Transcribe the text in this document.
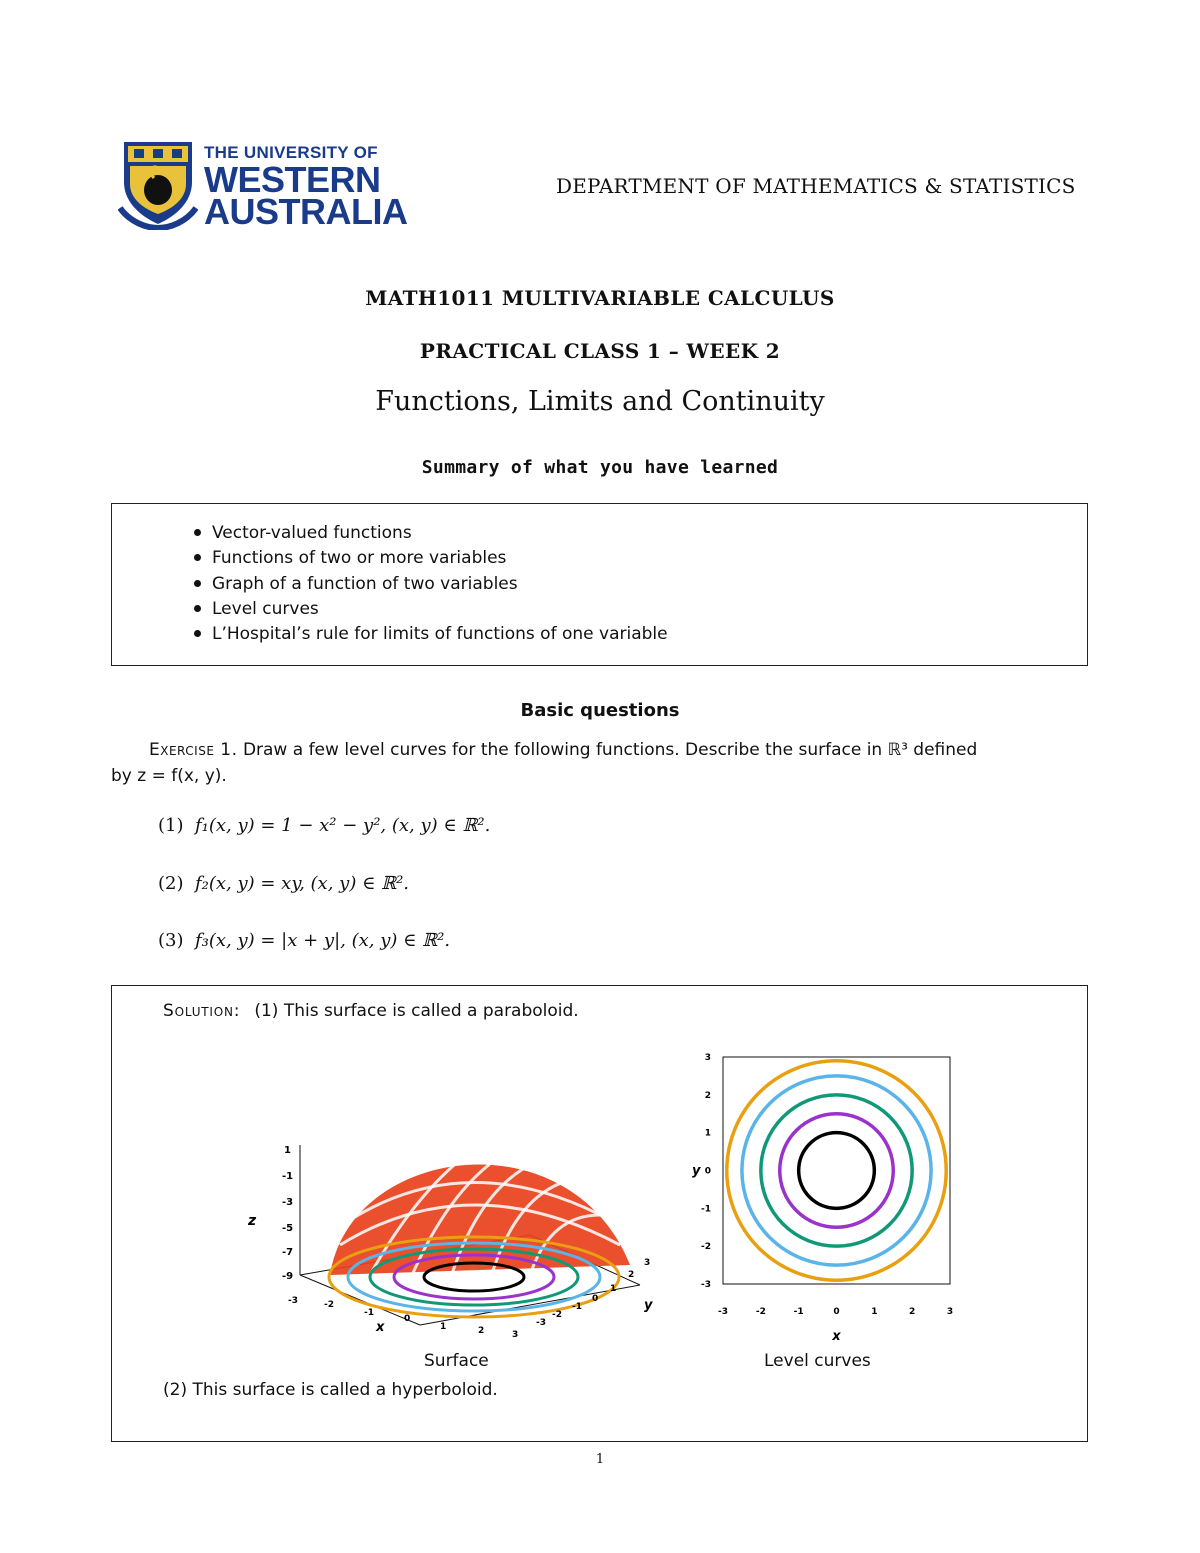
THE UNIVERSITY OF
WESTERN
AUSTRALIA
DEPARTMENT OF MATHEMATICS & STATISTICS
MATH1011 MULTIVARIABLE CALCULUS
PRACTICAL CLASS 1 – WEEK 2
Functions, Limits and Continuity
Summary of what you have learned
Vector-valued functions
Functions of two or more variables
Graph of a function of two variables
Level curves
L’Hospital’s rule for limits of functions of one variable
Basic questions
Exercise 1. Draw a few level curves for the following functions. Describe the surface in ℝ³ defined
by z = f(x, y).
(1) f₁(x, y) = 1 − x² − y², (x, y) ∈ ℝ².
(2) f₂(x, y) = xy, (x, y) ∈ ℝ².
(3) f₃(x, y) = |x + y|, (x, y) ∈ ℝ².
Solution: (1) This surface is called a paraboloid.
1
-1
-3
-5
-7
-9
z
-3	-2
-1
0
1	2	3
x	-3
-2
-1
0
1
2
3
y	-3	-2	-1	0	1	2	3
-3
-2
-1
0
1
2
3
x
y
Surface	Level curves
(2) This surface is called a hyperboloid.
1
